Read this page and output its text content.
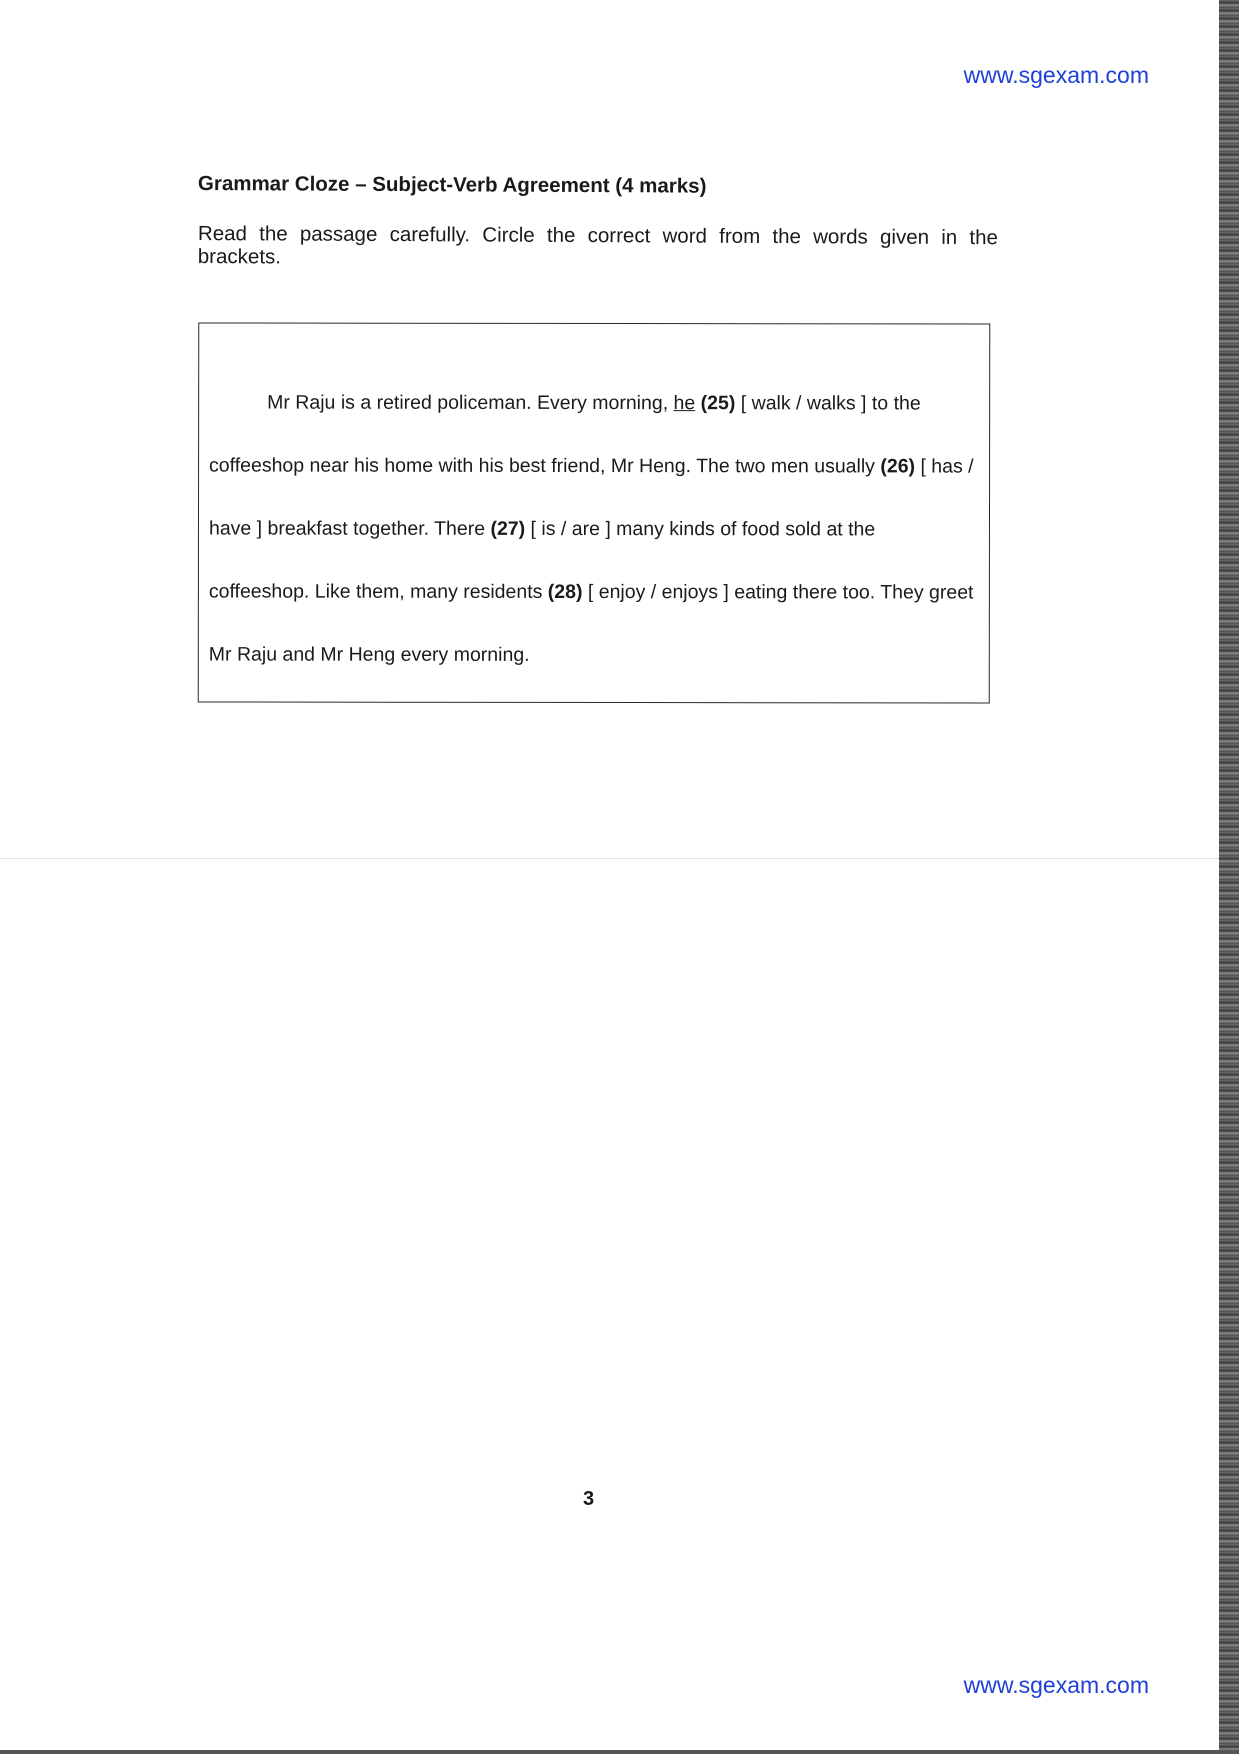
www.sgexam.com
Grammar Cloze – Subject-Verb Agreement (4 marks)

Read the passage carefully. Circle the correct word from the words given in the brackets.

Mr Raju is a retired policeman. Every morning, he (25) [ walk / walks ] to the coffeeshop near his home with his best friend, Mr Heng. The two men usually (26) [ has / have ] breakfast together. There (27) [ is / are ] many kinds of food sold at the coffeeshop. Like them, many residents (28) [ enjoy / enjoys ] eating there too. They greet Mr Raju and Mr Heng every morning.

3

www.sgexam.com
